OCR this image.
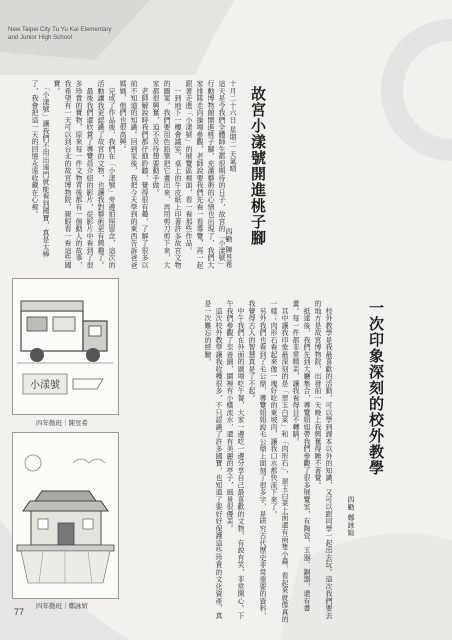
New Taipei City Tu Yu Kai Elementary
and Junior High School
故宮小漾號開進桃子腳
四勤 陳昱希
十月二十六日 星期二 天氣晴
這天是令我們全體師生都很期待的日子，故宮的「小漾號」行動博物館開進桃子腳，充滿藝術的心情也出現了，我們大家排隊走向操場參觀，老師說要我們先看一看導覽，再一起跟著走進「小漾號」的展覽區裡面，看一看那些作品。
　一到地下一樓會議室，桌上的牛皮紙上印著許多故宮文物的圖案，我們要用色鉛筆把它畫出來，再用剪刀剪下來，大家都很興奮，迫不及待想要動手做。
　老師解說時我們都仔細聆聽，覺得很有趣，了解了很多以前不知道的知識。回到家後，我把今天學到的東西告訴爸爸媽媽，他們也很高興。
　完成了作品後，我們在「小漾號」旁邊拍照留念，這次的活動讓我更認識了故宮的文物，也讓我對藝術更有興趣了。
　最後我們還欣賞了導覽員介紹的影片，從影片中看到了很多珍貴的寶物，原來每一件文物背後都有一個動人的故事，我希望有一天可以到台北的故宮博物院，親眼看一看這些國寶。
　「小漾號」讓我們不用出遠門就能看到國寶，真是太棒了，我會把這一天的回憶永遠收藏在心裡。
小漾號
四年勤班｜陳昱希	一次印象深刻的校外教學
四勤 鄭詠媗
　校外教學是我最喜歡的活動，可以學到課本以外的知識，又可以跟同學一起出去玩。這次我們要去的地方是故宮博物院，出發前一天晚上我興奮得睡不著覺。
　抵達後，我們先到大廳集合，導覽姐姐帶我們參觀了很多展覽室，有陶瓷、玉器、銅器，還有書畫。每一件都非常精美，讓我看得目不轉睛。
　其中讓我印象最深刻的是「翠玉白菜」和「肉形石」，翠玉白菜上面還有兩隻小蟲，看起來就像真的一樣；肉形石看起來像一塊好吃的東坡肉，讓我口水都快流下來了。
　另外我們也看到了毛公鼎，導覽姐姐說毛公鼎上面刻了很多字，是研究古代歷史非常重要的資料，我覺得古人的智慧真是了不起。
　中午我們在外面的廣場吃午餐，大家一邊吃一邊分享自己最喜歡的文物，有說有笑，非常開心。下午我們參觀了至善園，園裡有小橋流水，還有美麗的亭子，風景很優美。
　這次校外教學讓我收穫很多，不只認識了許多國寶，也知道了要好好保護這些珍貴的文化資產，真是一次難忘的經驗。
四年勤班｜鄭詠媗
77
